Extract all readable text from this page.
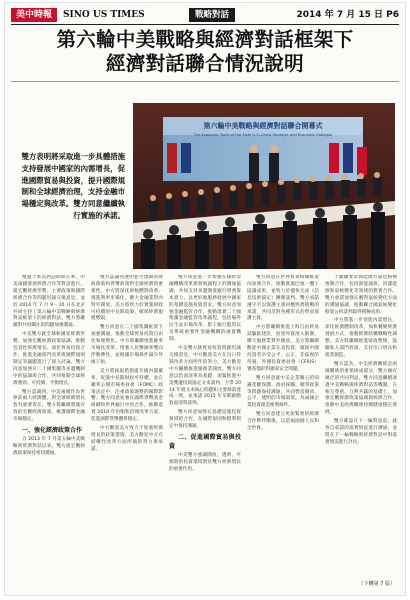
美中時報	SINO US TIMES	戰略對話	2014 年 7 月 15 日 P6
第六輪中美戰略與經濟對話框架下
經濟對話聯合情況說明
雙方表明將采取進一步具體措施支持發展中國家的內需增長，促進國際貿易與投資，提升國際規制和全球經濟治理，支持金融市場穩定與改革。雙方同意繼續執行實施的承諾。
第六輪中美戰略與經濟對話聯合開幕式
The Economic Track of the Sixth U.S.-China Strategic and Economic Dialogue

雙邊于本次對話期間在華，中美兩國發展經濟合作等對話進行，就宏觀經濟形勢、主要政策與國際經濟合作等問題坦誠交換意見，並於 2014 年 7 月 9 – 10 日在北京共同主持了第六輪中美戰略與經濟對話框架下的經濟對話。雙方將繼續對共同關注的問題加強溝通。

中美雙方就全球和國家經濟形勢、加強宏觀經濟政策協調、推動包容性經濟增長、深化貿易投資合作、推進金融部門改革與國際規則制定等議題進行了深入討論。雙方同意加強在二十國集團等多邊機制中的協調與合作，共同推動全球經濟強勁、可持續、平衡增長。

雙方認識到，中美兩國作為世界前兩大經濟體，對全球經濟增長負有重要責任，雙方將繼續實施有效的宏觀經濟政策，維護國際金融市場穩定。

一、強化經濟政策合作

自 2013 年 7 月第五輪中美戰略與經濟對話以來，雙方就宏觀經濟政策保持密切溝通。

雙方認識到透明並可預期的財政政策和貨幣政策對全球經濟的重要性。中方將深化財稅體制改革，推進利率市場化，擴大金融業對內對外開放。美方將致力於實施財政可持續的中長期政策，確保經濟復甦勢頭。

雙方同意在二十國集團框架下加強溝通，推動全球貿易投資自由化和便利化。中方將繼續推進匯率市場化改革，增強人民幣匯率雙向浮動彈性，並根據市場條件減少外匯干預。

美方將採取措施提升國內儲蓄率，促進中長期財政可持續，並在聯邦公開市場委員會（FOMC）政策決定中，注重政策調整的國際影響。雙方同意加強在國際貨幣基金組織和世界銀行中的合作，推動落實 2010 年份額和治理改革方案，促進國際貨幣體系穩定。

中方歡迎美方致力于加強經濟增長的政策措施，美方歡迎中方在結構性改革方面所做的努力與承諾。

雙方同意進一步加強在國際金融機構改革與發展議程上的溝通協調，共同支持多邊開發銀行增強資本實力，以更好地服務發展中國家的基礎設施投資需求。雙方同意加強金融監管合作，推動落實二十國集團金融監管改革議程，包括場外衍生品市場改革、影子銀行監管以及系統重要性金融機構的處置機制。

中美雙方就貿易投資問題坦誠交換意見，中方歡迎美方在出口管制改革方面所作的努力，美方歡迎中方繼續推進服務業開放。雙方同意以負面清單為基礎，加緊推進中美雙邊投資協定文本談判，力爭 2014 年就文本核心問題和主要條款達成一致，並承諾 2015 年早期啟動負面清單談判。

雙方同意加強在基礎設施投資領域的合作，在國際規則和標準制定中保持溝通。

二、促進國際貿易與投資

中美雙方強調開放、透明、可預期的投資環境對於雙方經濟增長的重要作用。

雙方同意在世界貿易組織框架內加強合作，推動實施巴厘一攬子協議成果，並致力於儘快完成《信息技術協定》擴圍談判。雙方承諾遵守不以保護主義回應經濟挑戰的承諾，共同反對各種形式的貿易保護主義。

中方將繼續推進上海自由貿易試驗區建設，放寬外資准入限制，擴大服務業對外開放。美方將繼續歡迎中國企業在美投資，確保中國投資者享受公平、公正、非歧視的待遇，外國投資委員會（CFIUS）審查僅針對國家安全問題。

雙方同意就中美企業關心的知識產權保護、政府採購、競爭政策等問題保持溝通，共同營造開放、公平、透明的市場環境，為兩國企業投資創造便利條件。

雙方同意建立更加緊密的經濟合作夥伴關係，以造福兩國人民和全世界。

于數據要求與能源方面也積極推動合作，包括節能減排、清潔能源和氣候變化等領域的務實合作。雙方承諾加強在應對氣候變化方面的溝通協調，推動聯合國氣候變化框架公約談判取得積極成果。

中方將進一步促進內需增長，深化經濟體制改革，加快轉變經濟發展方式，推動經濟結構戰略性調整。美方將繼續推進財政整頓，鼓勵私人部門投資，支持出口增長和就業創造。

雙方認為，中美經濟關係是兩國關係的重要組成部分，雙方擁有廣泛的共同利益。雙方同意繼續通過中美戰略與經濟對話等機制，在相互尊重、互利共贏的基礎上，加強宏觀經濟政策協調與經濟合作，推動中美經濟關係持續健康穩定發展。

雙方確認在下一輪對話前，就各自承諾的落實情況進行溝通，並將在下一輪戰略與經濟對話中對落實情況進行評估。

（下轉第 7 版）
